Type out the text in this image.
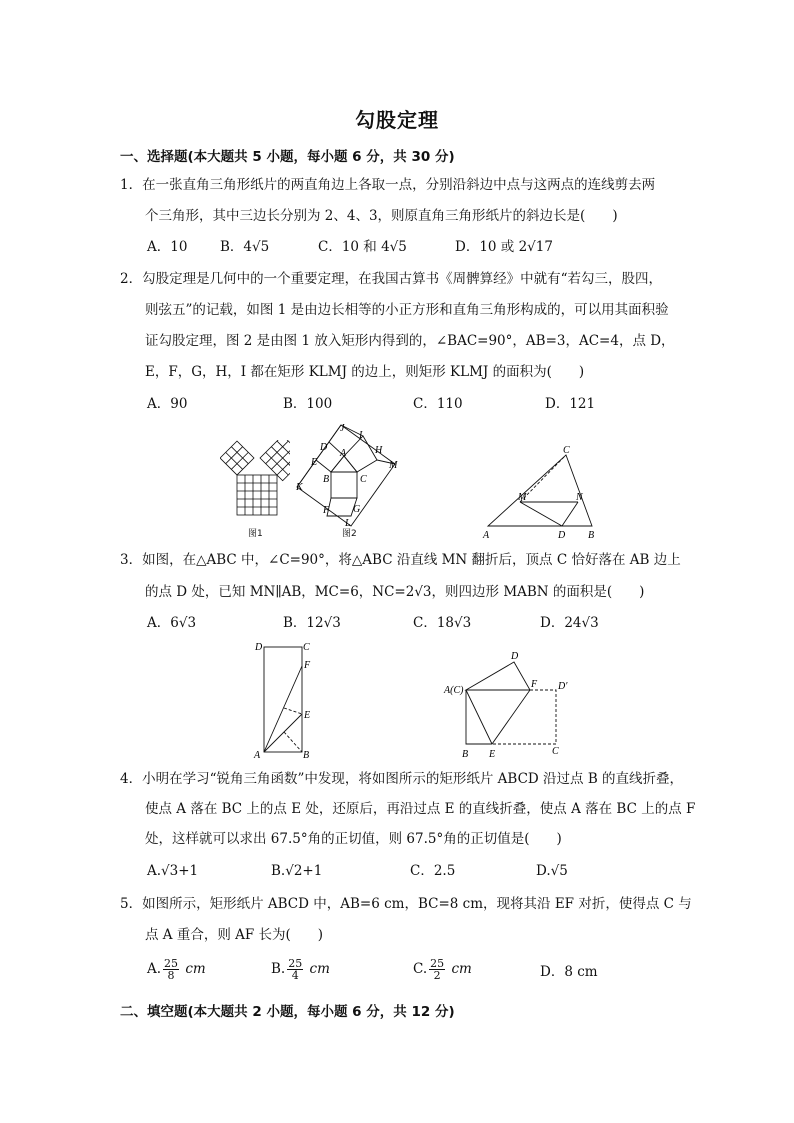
勾股定理
一、选择题(本大题共 5 小题，每小题 6 分，共 30 分)
1．在一张直角三角形纸片的两直角边上各取一点，分别沿斜边中点与这两点的连线剪去两
个三角形，其中三边长分别为 2、4、3，则原直角三角形纸片的斜边长是(　　)
A．10 B．4√5	C．10 和 4√5	D．10 或 2√17
2．勾股定理是几何中的一个重要定理，在我国古算书《周髀算经》中就有“若勾三，股四，
则弦五”的记载，如图 1 是由边长相等的小正方形和直角三角形构成的，可以用其面积验
证勾股定理，图 2 是由图 1 放入矩形内得到的，∠BAC=90°，AB=3，AC=4，点 D，
E，F，G，H，I 都在矩形 KLMJ 的边上，则矩形 KLMJ 的面积为(　　)
A．90	B．100	C．110	D．121
图1
J
I
D
A	H
M
E
B	C
K
F G
L
图2
C
M	N
A	D B
3．如图，在△ABC 中，∠C=90°，将△ABC 沿直线 MN 翻折后，顶点 C 恰好落在 AB 边上
的点 D 处，已知 MN∥AB，MC=6，NC=2√3，则四边形 MABN 的面积是(　　)
A．6√3	B．12√3	C．18√3	D．24√3
D	C
F
E
A	B
D
A(C)
F D′
B E	C
4．小明在学习“锐角三角函数”中发现，将如图所示的矩形纸片 ABCD 沿过点 B 的直线折叠，
使点 A 落在 BC 上的点 E 处，还原后，再沿过点 E 的直线折叠，使点 A 落在 BC 上的点 F
处，这样就可以求出 67.5°角的正切值，则 67.5°角的正切值是(　　)
A.√3+1	B.√2+1	C．2.5	D.√5
5．如图所示，矩形纸片 ABCD 中，AB=6 cm，BC=8 cm，现将其沿 EF 对折，使得点 C 与
点 A 重合，则 AF 长为(　　)
A. $\frac{25}{8}$ cm	B. $\frac{25}{4}$ cm	C. $\frac{25}{2}$ cm	D．8 cm
二、填空题(本大题共 2 小题，每小题 6 分，共 12 分)
